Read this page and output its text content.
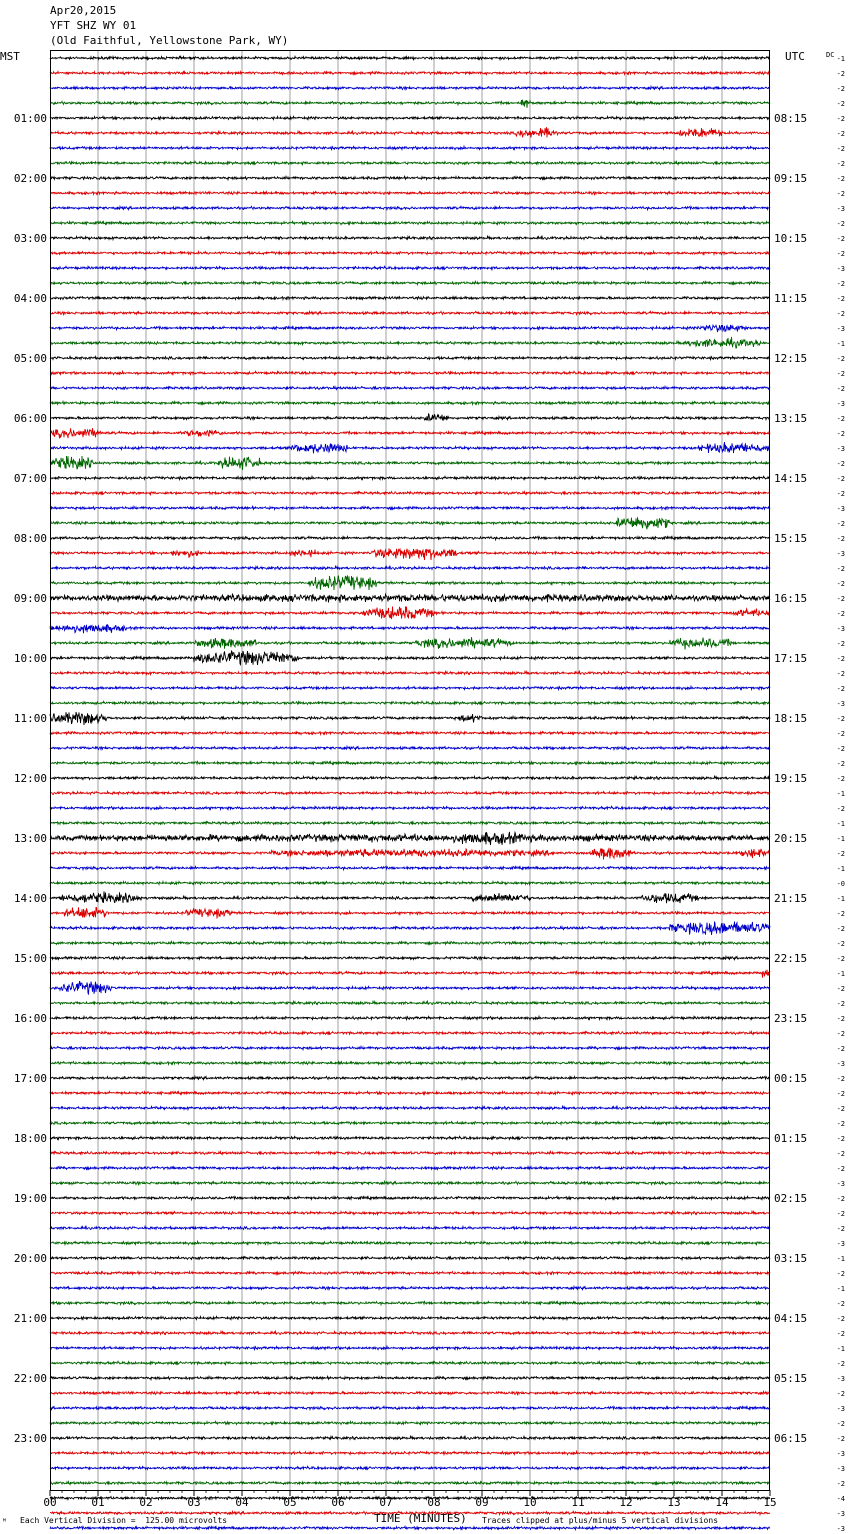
Apr20,2015
YFT SHZ WY 01
(Old Faithful, Yellowstone Park, WY)
00	01	02	03	04	05	06	07	08	09	10	11	12	13	14	15
01:00
02:00
03:00
04:00
05:00
06:00
07:00
08:00
09:00
10:00
11:00
12:00
13:00
14:00
15:00
16:00
17:00
18:00
19:00
20:00
21:00
22:00
23:00
08:15
09:15
10:15
11:15
12:15
13:15
14:15
15:15
16:15
17:15
18:15
19:15
20:15
21:15
22:15
23:15
00:15
01:15
02:15
03:15
04:15
05:15
06:15
-1
-2
-2
-2
-2
-2
-2
-2
-2
-2
-3
-2
-2
-2
-3
-2
-2
-2
-3
-1
-2
-2
-2
-3
-2
-2
-3
-2
-2
-2
-3
-2
-2
-3
-2
-2
-2
-2
-3
-2
-2
-2
-2
-3
-2
-2
-2
-2
-2
-1
-2
-1
-1
-2
-1
-0
-1
-2
-2
-2
-2
-1
-2
-2
-2
-2
-2
-3
-2
-2
-2
-2
-2
-2
-2
-3
-2
-2
-2
-3
-1
-2
-1
-2
-2
-2
-1
-2
-3
-2
-3
-2
-2
-3
-3
-2
-4
-3
-3
MST	UTC	DC
ᴹ Each Vertical Division =  125.00 microvolts	TIME (MINUTES) Traces clipped at plus/minus 5 vertical divisions
